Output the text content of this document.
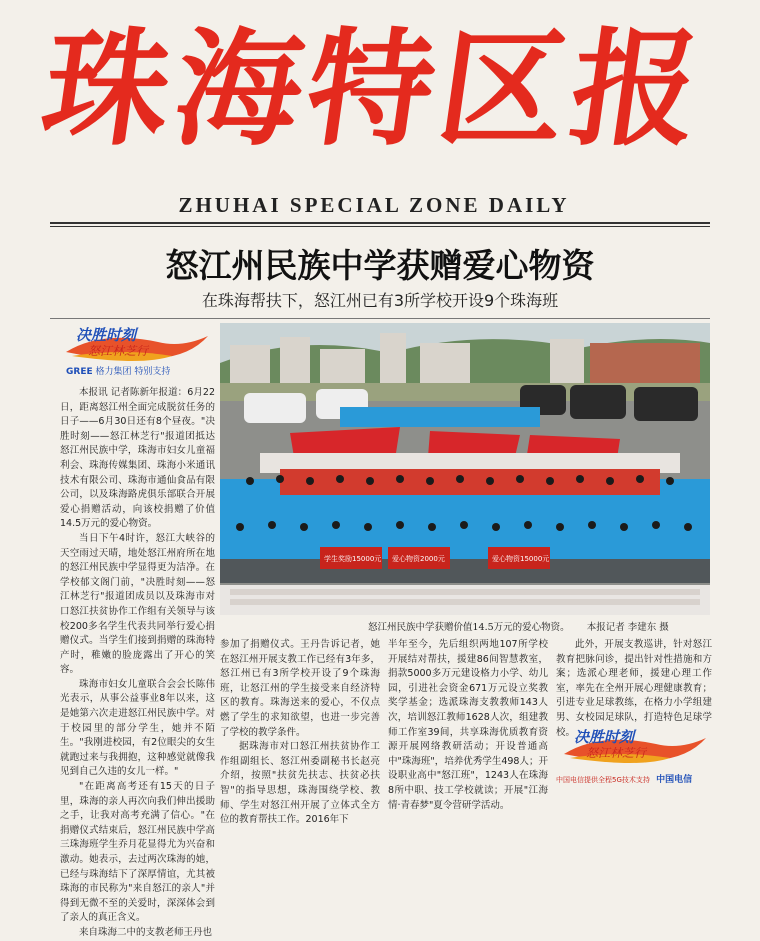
珠海特区报
ZHUHAI SPECIAL ZONE DAILY
怒江州民族中学获赠爱心物资
在珠海帮扶下，怒江州已有3所学校开设9个珠海班
决胜时刻
怒江林芝行
GREE 格力集团 特别支持

本报讯 记者陈新年报道：6月22日，距离怒江州全面完成脱贫任务的日子——6月30日还有8个昼夜。"决胜时刻——怒江林芝行"报道团抵达怒江州民族中学，珠海市妇女儿童福利会、珠海传媒集团、珠海小米通讯技术有限公司、珠海市通仙食品有限公司，以及珠海路虎俱乐部联合开展爱心捐赠活动，向该校捐赠了价值14.5万元的爱心物资。

当日下午4时许，怒江大峡谷的天空雨过天晴，地处怒江州府所在地的怒江州民族中学显得更为洁净。在学校郁文阁门前，"决胜时刻——怒江林芝行"报道团成员以及珠海市对口怒江扶贫协作工作组有关领导与该校200多名学生代表共同举行爱心捐赠仪式。当学生们接到捐赠的珠海特产时，稚嫩的脸庞露出了开心的笑容。

珠海市妇女儿童联合会会长陈伟光表示，从事公益事业8年以来，这是她第六次走进怒江州民族中学。对于校园里的部分学生，她并不陌生。"我刚进校园，有2位眼尖的女生就跑过来与我拥抱，这种感觉就像我见到自己久违的女儿一样。"

"在距离高考还有15天的日子里，珠海的亲人再次向我们伸出援助之手，让我对高考充满了信心。"在捐赠仪式结束后，怒江州民族中学高三珠海班学生乔月花显得尤为兴奋和激动。她表示，去过两次珠海的她，已经与珠海结下了深厚情谊，尤其被珠海的市民称为"来自怒江的亲人"并得到无微不至的关爱时，深深体会到了亲人的真正含义。

来自珠海二中的支教老师王丹也

学生奖励15000元 爱心物资2000元	爱心物资15000元
怒江州民族中学获赠价值14.5万元的爱心物资。 本报记者 李建东 摄

参加了捐赠仪式。王丹告诉记者，她在怒江州开展支教工作已经有3年多，怒江州已有3所学校开设了9个珠海班，让怒江州的学生接受来自经济特区的教育。珠海送来的爱心，不仅点燃了学生的求知欲望，也进一步完善了学校的教学条件。

据珠海市对口怒江州扶贫协作工作组副组长、怒江州委副秘书长赵亮介绍，按照"扶贫先扶志、扶贫必扶智"的指导思想，珠海围绕学校、教师、学生对怒江州开展了立体式全方位的教育帮扶工作。2016年下

半年至今，先后组织两地107所学校开展结对帮扶，援建86间智慧教室，捐款5000多万元建设格力小学、幼儿园，引进社会资金671万元设立奖教奖学基金；选派珠海支教教师143人次，培训怒江教师1628人次，组建教师工作室39间，共享珠海优质教育资源开展网络教研活动；开设普通高中"珠海班"，培养优秀学生498人；开设职业高中"怒江班"，1243人在珠海8所中职、技工学校就读；开展"江海情·青春梦"夏令营研学活动。

此外，开展支教巡讲，针对怒江教育把脉问诊，提出针对性措施和方案；选派心理老师，援建心理工作室，率先在全州开展心理健康教育；引进专业足球教练，在格力小学组建男、女校园足球队，打造特色足球学校。

决胜时刻
怒江林芝行
中国电信提供全程5G技术支持 中国电信
